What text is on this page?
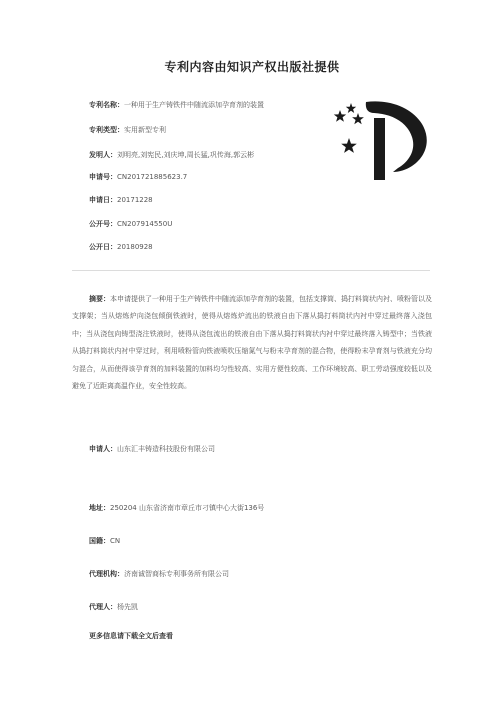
专利内容由知识产权出版社提供
专利名称：一种用于生产铸铁件中随流添加孕育剂的装置
专利类型：实用新型专利
发明人：刘明亮,刘宪民,刘庆坤,周长猛,巩传海,郭云彬
申请号：CN201721885623.7
申请日：20171228
公开号：CN207914550U
公开日：20180928
摘要：本申请提供了一种用于生产铸铁件中随流添加孕育剂的装置，包括支撑筒、捣打料筒状内衬、喷粉管以及支撑架；当从熔炼炉向浇包倾倒铁液时，使得从熔炼炉流出的铁液自由下落从捣打料筒状内衬中穿过最终落入浇包中；当从浇包向铸型浇注铁液时，使得从浇包流出的铁液自由下落从捣打料筒状内衬中穿过最终落入铸型中；当铁液从捣打料筒状内衬中穿过时，利用喷粉管向铁液喷吹压缩氮气与粉末孕育剂的混合物，使得粉末孕育剂与铁液充分均匀混合，从而使得该孕育剂的加料装置的加料均匀性较高、实用方便性较高、工作环境较高、职工劳动强度较低以及避免了近距离高温作业，安全性较高。
申请人：山东汇丰铸造科技股份有限公司
地址：250204 山东省济南市章丘市刁镇中心大街136号
国籍：CN
代理机构：济南诚智商标专利事务所有限公司
代理人：杨先凯
更多信息请下载全文后查看
